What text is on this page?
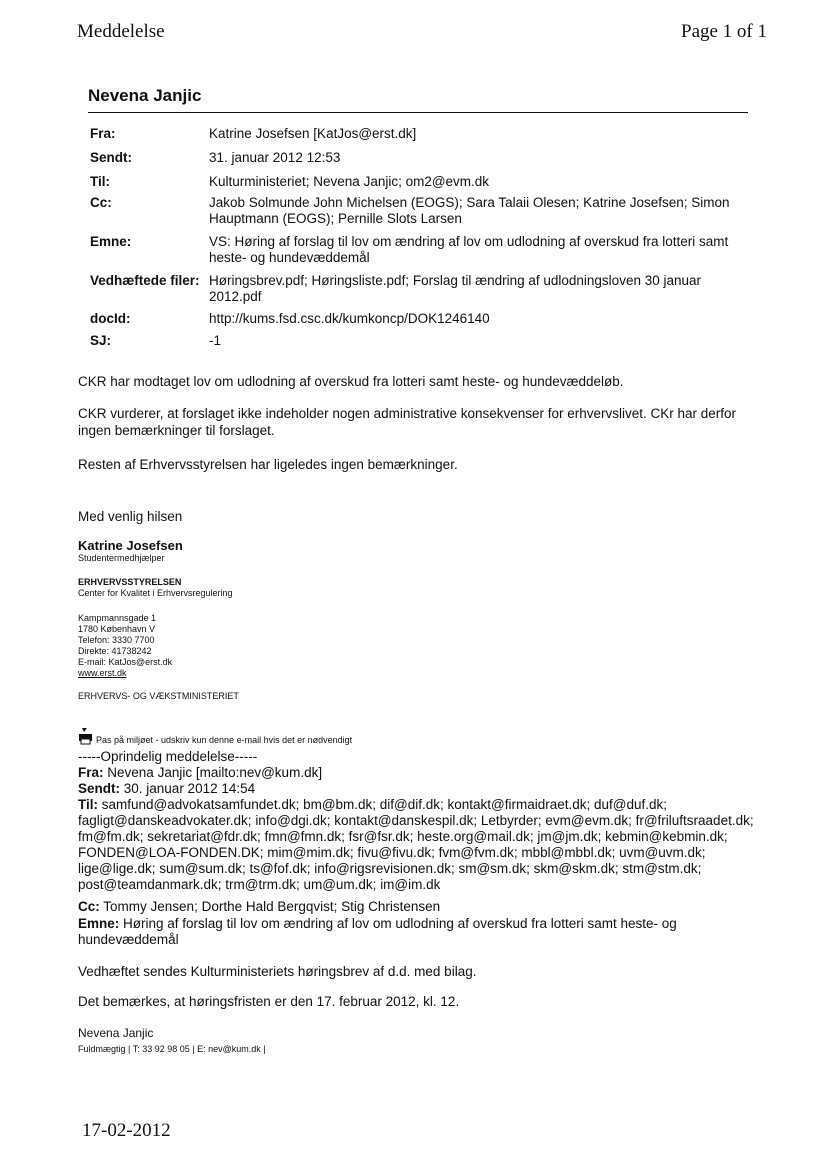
Meddelelse	Page 1 of 1
Nevena Janjic
Fra:	Katrine Josefsen [KatJos@erst.dk]
Sendt:	31. januar 2012 12:53
Til:	Kulturministeriet; Nevena Janjic; om2@evm.dk
Cc:	Jakob Solmunde John Michelsen (EOGS); Sara Talaii Olesen; Katrine Josefsen; Simon Hauptmann (EOGS); Pernille Slots Larsen
Emne:	VS: Høring af forslag til lov om ændring af lov om udlodning af overskud fra lotteri samt heste- og hundevæddemål
Vedhæftede filer: Høringsbrev.pdf; Høringsliste.pdf; Forslag til ændring af udlodningsloven 30 januar 2012.pdf
docId:	http://kums.fsd.csc.dk/kumkoncp/DOK1246140
SJ:	-1
CKR har modtaget lov om udlodning af overskud fra lotteri samt heste- og hundevæddeløb.
CKR vurderer, at forslaget ikke indeholder nogen administrative konsekvenser for erhvervslivet. CKr har derfor ingen bemærkninger til forslaget.
Resten af Erhvervsstyrelsen har ligeledes ingen bemærkninger.
Med venlig hilsen
Katrine Josefsen
Studentermedhjælper
ERHVERVSSTYRELSEN
Center for Kvalitet i Erhvervsregulering
Kampmannsgade 1
1780 København V
Telefon: 3330 7700
Direkte: 41738242
E-mail: KatJos@erst.dk
www.erst.dk
ERHVERVS- OG VÆKSTMINISTERIET
Pas på miljøet - udskriv kun denne e-mail hvis det er nødvendigt
-----Oprindelig meddelelse-----
Fra: Nevena Janjic [mailto:nev@kum.dk]
Sendt: 30. januar 2012 14:54
Til: samfund@advokatsamfundet.dk; bm@bm.dk; dif@dif.dk; kontakt@firmaidraet.dk; duf@duf.dk; fagligt@danskeadvokater.dk; info@dgi.dk; kontakt@danskespil.dk; Letbyrder; evm@evm.dk; fr@friluftsraadet.dk; fm@fm.dk; sekretariat@fdr.dk; fmn@fmn.dk; fsr@fsr.dk; heste.org@mail.dk; jm@jm.dk; kebmin@kebmin.dk; FONDEN@LOA-FONDEN.DK; mim@mim.dk; fivu@fivu.dk; fvm@fvm.dk; mbbl@mbbl.dk; uvm@uvm.dk; lige@lige.dk; sum@sum.dk; ts@fof.dk; info@rigsrevisionen.dk; sm@sm.dk; skm@skm.dk; stm@stm.dk; post@teamdanmark.dk; trm@trm.dk; um@um.dk; im@im.dk
Cc: Tommy Jensen; Dorthe Hald Bergqvist; Stig Christensen
Emne: Høring af forslag til lov om ændring af lov om udlodning af overskud fra lotteri samt heste- og hundevæddemål
Vedhæftet sendes Kulturministeriets høringsbrev af d.d. med bilag.
Det bemærkes, at høringsfristen er den 17. februar 2012, kl. 12.
Nevena Janjic
Fuldmægtig | T: 33 92 98 05 | E: nev@kum.dk |
17-02-2012
